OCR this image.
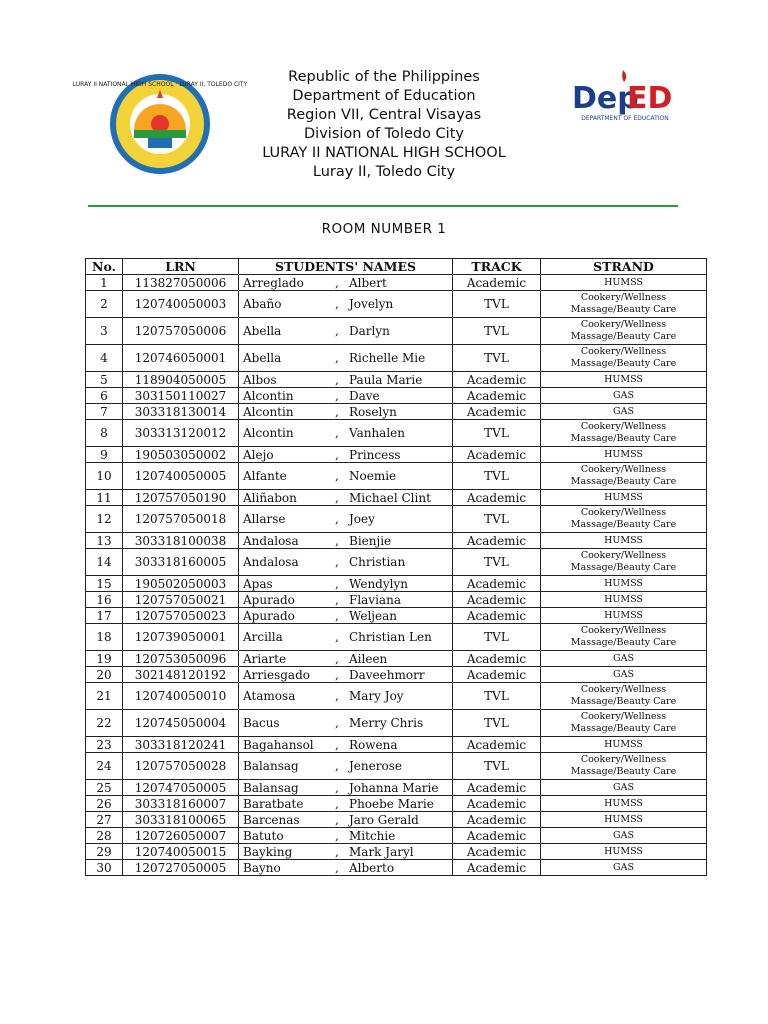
LURAY II NATIONAL HIGH SCHOOL · LURAY II, TOLEDO CITY	Republic of the Philippines
Department of Education
Region VII, Central Visayas
Division of Toledo City
LURAY II NATIONAL HIGH SCHOOL
Luray II, Toledo City
Dep
ED
DEPARTMENT OF EDUCATION
ROOM NUMBER 1
No.	LRN	STUDENTS' NAMES	TRACK	STRAND
1	113827050006	Arreglado , Albert	Academic	HUMSS
2	120740050003	Abaño , Jovelyn	TVL	Cookery/Wellness Massage/Beauty Care
3	120757050006	Abella , Darlyn	TVL	Cookery/Wellness Massage/Beauty Care
4	120746050001	Abella , Richelle Mie	TVL	Cookery/Wellness Massage/Beauty Care
5	118904050005	Albos , Paula Marie	Academic	HUMSS
6	303150110027	Alcontin , Dave	Academic	GAS
7	303318130014	Alcontin , Roselyn	Academic	GAS
8	303313120012	Alcontin , Vanhalen	TVL	Cookery/Wellness Massage/Beauty Care
9	190503050002	Alejo , Princess	Academic	HUMSS
10	120740050005	Alfante , Noemie	TVL	Cookery/Wellness Massage/Beauty Care
11	120757050190	Aliñabon , Michael Clint	Academic	HUMSS
12	120757050018	Allarse , Joey	TVL	Cookery/Wellness Massage/Beauty Care
13	303318100038	Andalosa , Bienjie	Academic	HUMSS
14	303318160005	Andalosa , Christian	TVL	Cookery/Wellness Massage/Beauty Care
15	190502050003	Apas , Wendylyn	Academic	HUMSS
16	120757050021	Apurado , Flaviana	Academic	HUMSS
17	120757050023	Apurado , Weljean	Academic	HUMSS
18	120739050001	Arcilla , Christian Len	TVL	Cookery/Wellness Massage/Beauty Care
19	120753050096	Ariarte , Aileen	Academic	GAS
20	302148120192	Arriesgado , Daveehmorr	Academic	GAS
21	120740050010	Atamosa , Mary Joy	TVL	Cookery/Wellness Massage/Beauty Care
22	120745050004	Bacus , Merry Chris	TVL	Cookery/Wellness Massage/Beauty Care
23	303318120241	Bagahansol , Rowena	Academic	HUMSS
24	120757050028	Balansag , Jenerose	TVL	Cookery/Wellness Massage/Beauty Care
25	120747050005	Balansag , Johanna Marie	Academic	GAS
26	303318160007	Baratbate , Phoebe Marie	Academic	HUMSS
27	303318100065	Barcenas , Jaro Gerald	Academic	HUMSS
28	120726050007	Batuto , Mitchie	Academic	GAS
29	120740050015	Bayking , Mark Jaryl	Academic	HUMSS
30	120727050005	Bayno , Alberto	Academic	GAS
